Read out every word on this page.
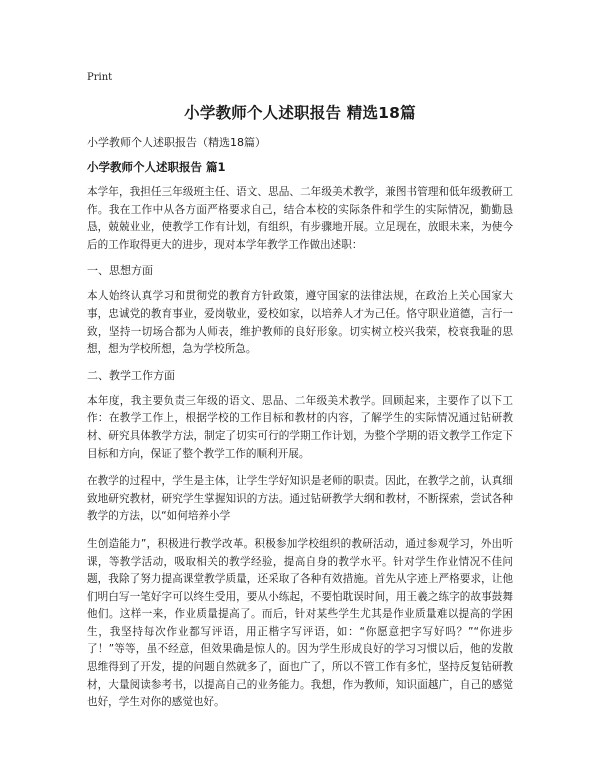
Print
小学教师个人述职报告 精选18篇
小学教师个人述职报告（精选18篇）
小学教师个人述职报告 篇1
本学年，我担任三年级班主任、语文、思品、二年级美术教学，兼图书管理和低年级教研工作。我在工作中从各方面严格要求自己，结合本校的实际条件和学生的实际情况，勤勤恳恳，兢兢业业，使教学工作有计划，有组织，有步骤地开展。立足现在，放眼未来，为使今后的工作取得更大的进步，现对本学年教学工作做出述职：
一、思想方面
本人始终认真学习和贯彻党的教育方针政策，遵守国家的法律法规，在政治上关心国家大事，忠诚党的教育事业，爱岗敬业，爱校如家，以培养人才为己任。恪守职业道德，言行一致，坚持一切场合都为人师表，维护教师的良好形象。切实树立校兴我荣，校衰我耻的思想，想为学校所想，急为学校所急。
二、教学工作方面
本年度，我主要负责三年级的语文、思品、二年级美术教学。回顾起来，主要作了以下工作：在教学工作上，根据学校的工作目标和教材的内容，了解学生的实际情况通过钻研教材、研究具体教学方法，制定了切实可行的学期工作计划，为整个学期的语文教学工作定下目标和方向，保证了整个教学工作的顺利开展。
在教学的过程中，学生是主体，让学生学好知识是老师的职责。因此，在教学之前，认真细致地研究教材，研究学生掌握知识的方法。通过钻研教学大纲和教材，不断探索，尝试各种教学的方法，以“如何培养小学
生创造能力”，积极进行教学改革。积极参加学校组织的教研活动，通过参观学习，外出听课，等教学活动，吸取相关的教学经验，提高自身的教学水平。针对学生作业情况不佳问题，我除了努力提高课堂教学质量，还采取了各种有效措施。首先从字迹上严格要求，让他们明白写一笔好字可以终生受用，要从小练起，不要怕耽误时间，用王羲之练字的故事鼓舞他们。这样一来，作业质量提高了。而后，针对某些学生尤其是作业质量难以提高的学困生，我坚持每次作业都写评语，用正楷字写评语，如：“你愿意把字写好吗？”“你进步了！”等等，虽不经意，但效果确是惊人的。因为学生形成良好的学习习惯以后，他的发散思维得到了开发，提的问题自然就多了，面也广了，所以不管工作有多忙，坚持反复钻研教材，大量阅读参考书，以提高自己的业务能力。我想，作为教师，知识面越广，自己的感觉也好，学生对你的感觉也好。
